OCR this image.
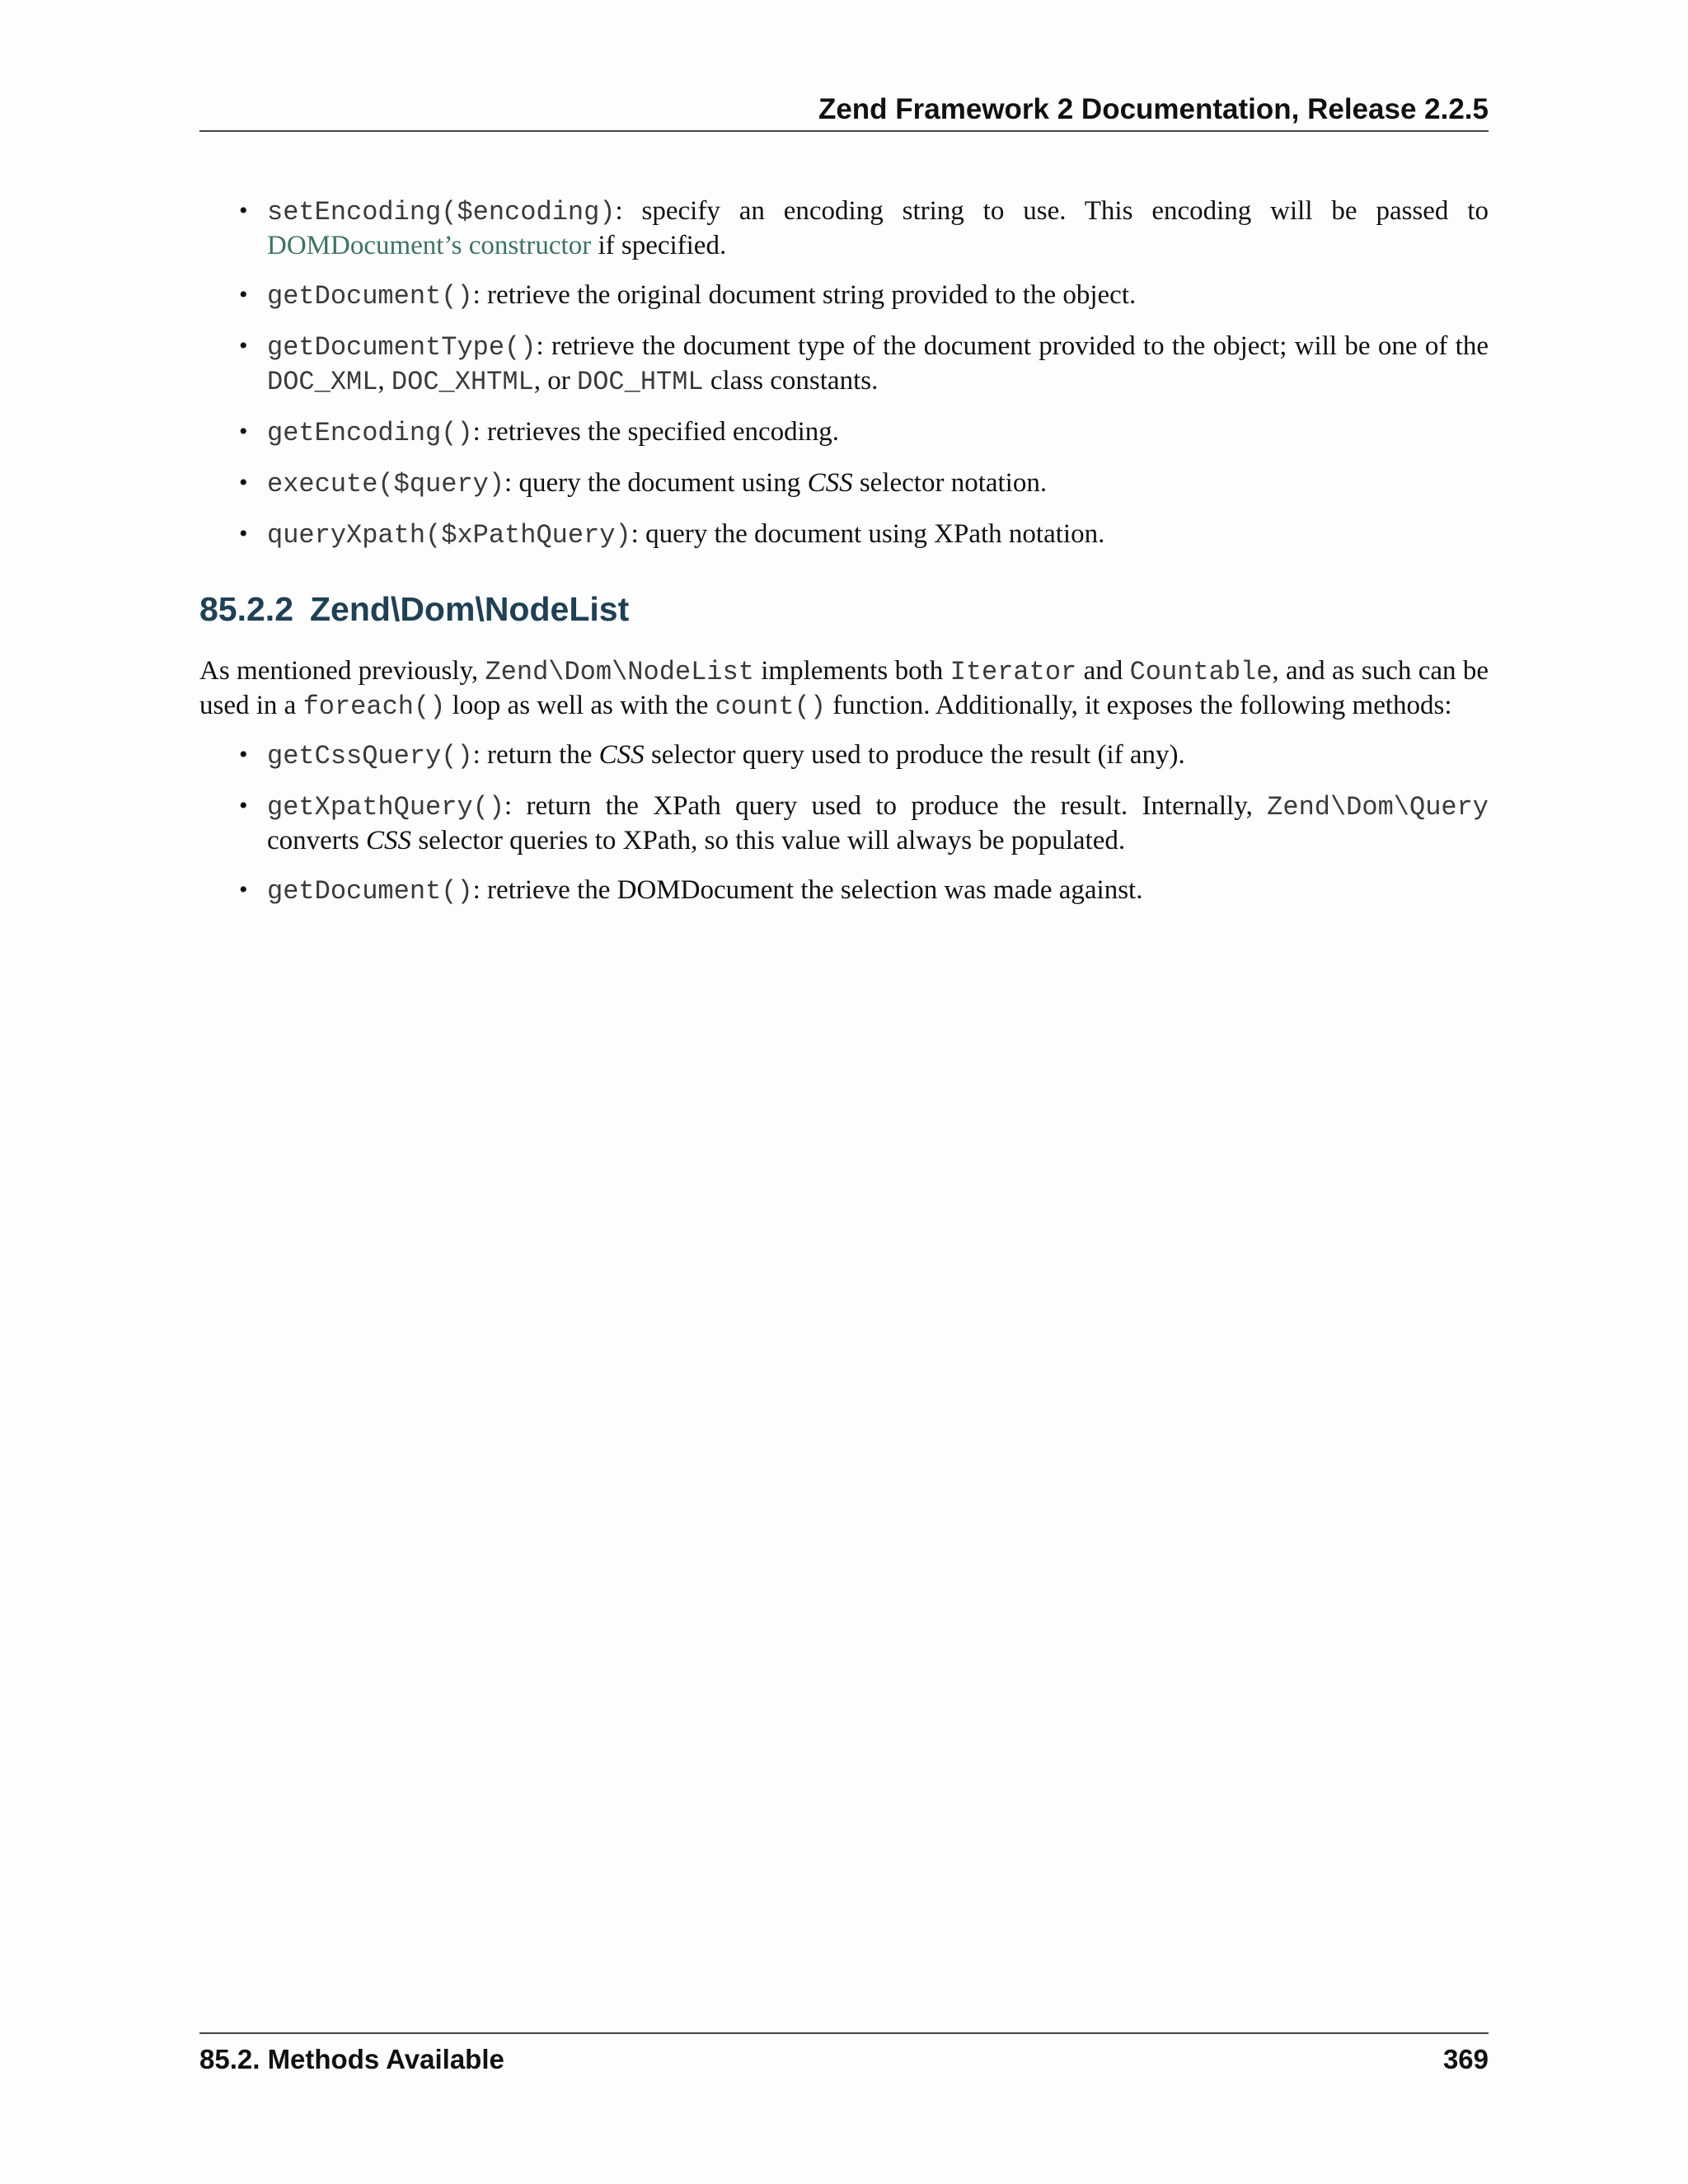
Zend Framework 2 Documentation, Release 2.2.5
• setEncoding($encoding): specify an encoding string to use. This encoding will be passed to DOMDocument’s constructor if specified.
• getDocument(): retrieve the original document string provided to the object.
• getDocumentType(): retrieve the document type of the document provided to the object; will be one of the DOC_XML, DOC_XHTML, or DOC_HTML class constants.
• getEncoding(): retrieves the specified encoding.
• execute($query): query the document using CSS selector notation.
• queryXpath($xPathQuery): query the document using XPath notation.
85.2.2 Zend\Dom\NodeList

As mentioned previously, Zend\Dom\NodeList implements both Iterator and Countable, and as such can be used in a foreach() loop as well as with the count() function. Additionally, it exposes the following methods:

• getCssQuery(): return the CSS selector query used to produce the result (if any).
• getXpathQuery(): return the XPath query used to produce the result. Internally, Zend\Dom\Query converts CSS selector queries to XPath, so this value will always be populated.
• getDocument(): retrieve the DOMDocument the selection was made against.
85.2. Methods Available	369
